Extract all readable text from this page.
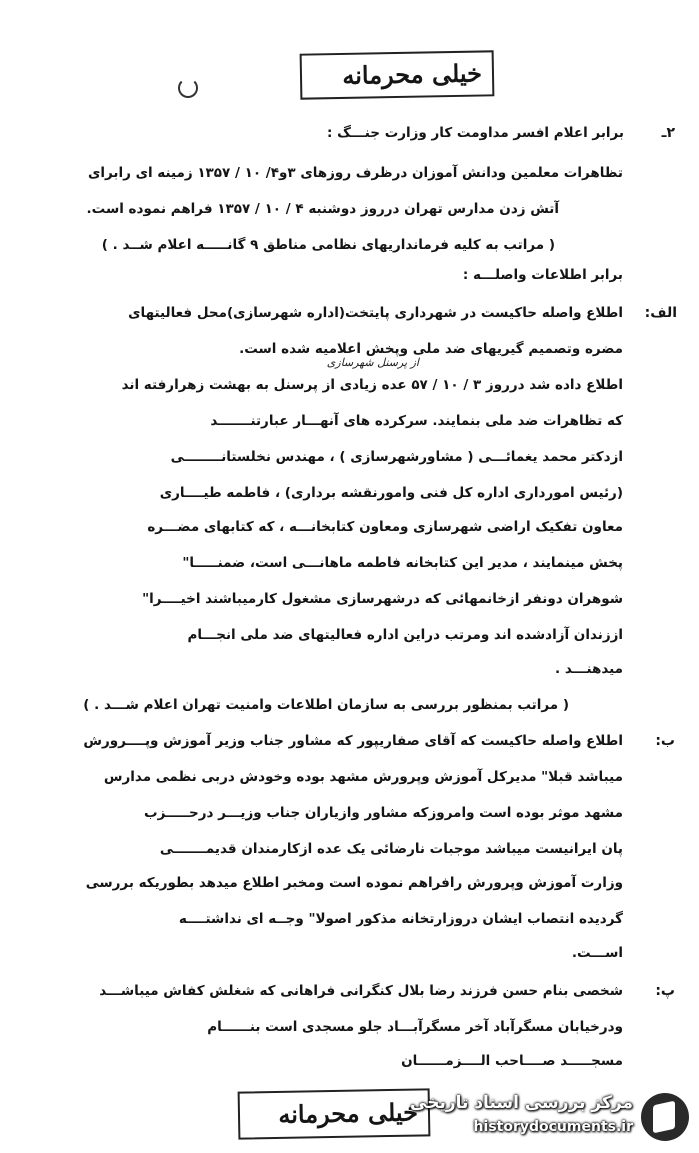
خیلی محرمانه
برابر اعلام افسر مداومت کار وزارت جنـــگ :	۲ـ
تظاهرات معلمین ودانش آموزان درظرف روزهای ۳و۴/ ۱۰ / ۱۳۵۷ زمینه ای رابرای
آتش زدن مدارس تهران درروز دوشنبه ۴ / ۱۰ / ۱۳۵۷ فراهم نموده است.
( مراتب به کلیه فرمانداریهای نظامی مناطق ۹ گانـــــه اعلام شــد . )
برابر اطلاعات واصلـــه :
الف:
اطلاع واصله حاکیست در شهرداری پایتخت(اداره شهرسازی)محل فعالیتهای
مضره وتصمیم گیریهای ضد ملی وپخش اعلامیه شده است.
از پرسنل شهرسازی
اطلاع داده شد درروز ۳ / ۱۰ / ۵۷ عده زیادی از پرسنل به بهشت زهرارفته اند
که تظاهرات ضد ملی بنمایند. سرکرده های آنهـــار عبارتنـــــــد
ازدکتر محمد یغمائـــی ( مشاورشهرسازی ) ، مهندس نخلستانــــــــی
(رئیس امورداری اداره کل فنی وامورنقشه برداری) ، فاطمه طیــــاری
معاون تفکیک اراضی شهرسازی ومعاون کتابخانـــه ، که کتابهای مضـــره
پخش مینمایند ، مدیر این کتابخانه فاطمه ماهانـــی است، ضمنـــــا"
شوهران دونفر ازخانمهائی که درشهرسازی مشغول کارمیباشند اخیــــرا"
اززندان آزادشده اند ومرتب دراین اداره فعالیتهای ضد ملی انجـــام
میدهنـــد .
( مراتب بمنظور بررسی به سازمان اطلاعات وامنیت تهران اعلام شـــد . )
ب:
اطلاع واصله حاکیست که آقای صفاریپور که مشاور جناب وزیر آموزش وپــــرورش
میباشد قبلا" مدیرکل آموزش وپرورش مشهد بوده وخودش دربی نظمی مدارس
مشهد موثر بوده است وامروزکه مشاور وازیاران جناب وزیـــر درحـــــزب
پان ایرانیست میباشد موجبات نارضائی یک عده ازکارمندان قدیمـــــــی
وزارت آموزش وپرورش رافراهم نموده است ومخبر اطلاع میدهد بطوریکه بررسی
گردیده انتصاب ایشان دروزارتخانه مذکور اصولا" وجــه ای نداشتــــه
اســـت.
پ:
شخصی بنام حسن فرزند رضا بلال کنگرانی فراهانی که شغلش کفاش میباشـــد
ودرخیابان مسگرآباد آخر مسگرآبـــاد جلو مسجدی است بنــــــام
مسجـــــد صــــاحب الــــزمــــــان
خیلی محرمانه
مرکز بررسی اسناد تاریخی
historydocuments.ir
